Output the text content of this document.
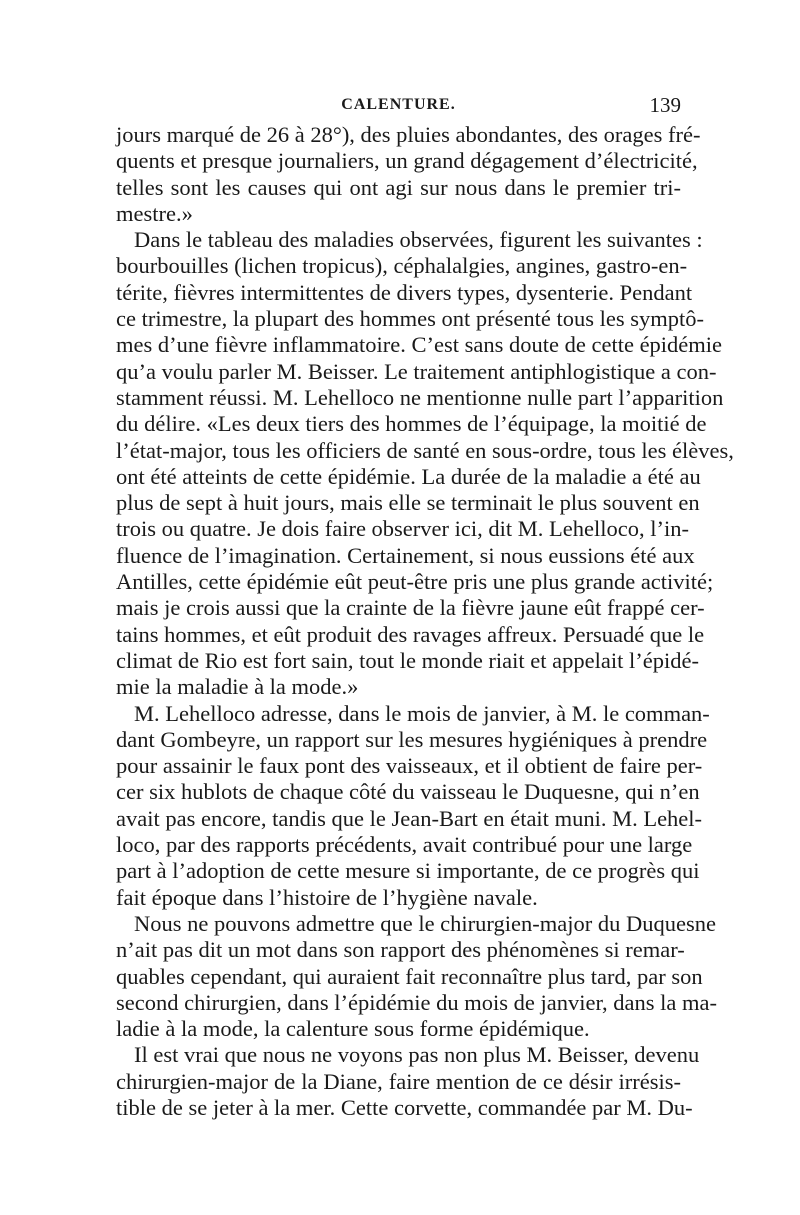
CALENTURE.	139
jours marqué de 26 à 28°), des pluies abondantes, des orages fré-
quents et presque journaliers, un grand dégagement d’électricité,
telles sont les causes qui ont agi sur nous dans le premier tri-
mestre.»
Dans le tableau des maladies observées, figurent les suivantes :
bourbouilles (lichen tropicus), céphalalgies, angines, gastro-en-
térite, fièvres intermittentes de divers types, dysenterie. Pendant
ce trimestre, la plupart des hommes ont présenté tous les symptô-
mes d’une fièvre inflammatoire. C’est sans doute de cette épidémie
qu’a voulu parler M. Beisser. Le traitement antiphlogistique a con-
stamment réussi. M. Lehelloco ne mentionne nulle part l’apparition
du délire. «Les deux tiers des hommes de l’équipage, la moitié de
l’état-major, tous les officiers de santé en sous-ordre, tous les élèves,
ont été atteints de cette épidémie. La durée de la maladie a été au
plus de sept à huit jours, mais elle se terminait le plus souvent en
trois ou quatre. Je dois faire observer ici, dit M. Lehelloco, l’in-
fluence de l’imagination. Certainement, si nous eussions été aux
Antilles, cette épidémie eût peut-être pris une plus grande activité;
mais je crois aussi que la crainte de la fièvre jaune eût frappé cer-
tains hommes, et eût produit des ravages affreux. Persuadé que le
climat de Rio est fort sain, tout le monde riait et appelait l’épidé-
mie la maladie à la mode.»
M. Lehelloco adresse, dans le mois de janvier, à M. le comman-
dant Gombeyre, un rapport sur les mesures hygiéniques à prendre
pour assainir le faux pont des vaisseaux, et il obtient de faire per-
cer six hublots de chaque côté du vaisseau le Duquesne, qui n’en
avait pas encore, tandis que le Jean-Bart en était muni. M. Lehel-
loco, par des rapports précédents, avait contribué pour une large
part à l’adoption de cette mesure si importante, de ce progrès qui
fait époque dans l’histoire de l’hygiène navale.
Nous ne pouvons admettre que le chirurgien-major du Duquesne
n’ait pas dit un mot dans son rapport des phénomènes si remar-
quables cependant, qui auraient fait reconnaître plus tard, par son
second chirurgien, dans l’épidémie du mois de janvier, dans la ma-
ladie à la mode, la calenture sous forme épidémique.
Il est vrai que nous ne voyons pas non plus M. Beisser, devenu
chirurgien-major de la Diane, faire mention de ce désir irrésis-
tible de se jeter à la mer. Cette corvette, commandée par M. Du-
